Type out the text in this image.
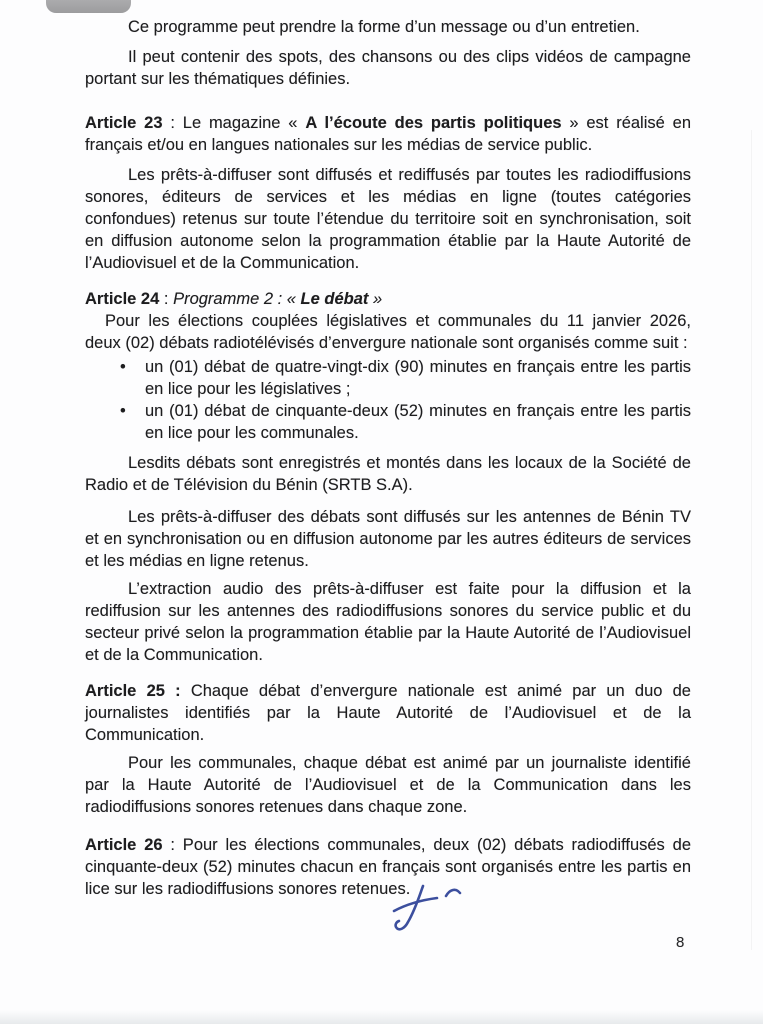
Ce programme peut prendre la forme d’un message ou d’un entretien.

Il peut contenir des spots, des chansons ou des clips vidéos de campagne portant sur les thématiques définies.

Article 23 : Le magazine « A l’écoute des partis politiques » est réalisé en français et/ou en langues nationales sur les médias de service public.

Les prêts-à-diffuser sont diffusés et rediffusés par toutes les radiodiffusions sonores, éditeurs de services et les médias en ligne (toutes catégories confondues) retenus sur toute l’étendue du territoire soit en synchronisation, soit en diffusion autonome selon la programmation établie par la Haute Autorité de l’Audiovisuel et de la Communication.

Article 24 : Programme 2 : « Le débat »

Pour les élections couplées législatives et communales du 11 janvier 2026, deux (02) débats radiotélévisés d’envergure nationale sont organisés comme suit :

•	un (01) débat de quatre-vingt-dix (90) minutes en français entre les partis en lice pour les législatives ;
•	un (01) débat de cinquante-deux (52) minutes en français entre les partis en lice pour les communales.

Lesdits débats sont enregistrés et montés dans les locaux de la Société de Radio et de Télévision du Bénin (SRTB S.A).

Les prêts-à-diffuser des débats sont diffusés sur les antennes de Bénin TV et en synchronisation ou en diffusion autonome par les autres éditeurs de services et les médias en ligne retenus.

L’extraction audio des prêts-à-diffuser est faite pour la diffusion et la rediffusion sur les antennes des radiodiffusions sonores du service public et du secteur privé selon la programmation établie par la Haute Autorité de l’Audiovisuel et de la Communication.

Article 25 : Chaque débat d’envergure nationale est animé par un duo de journalistes identifiés par la Haute Autorité de l’Audiovisuel et de la Communication.

Pour les communales, chaque débat est animé par un journaliste identifié par la Haute Autorité de l’Audiovisuel et de la Communication dans les radiodiffusions sonores retenues dans chaque zone.

Article 26 : Pour les élections communales, deux (02) débats radiodiffusés de cinquante-deux (52) minutes chacun en français sont organisés entre les partis en lice sur les radiodiffusions sonores retenues.

8
